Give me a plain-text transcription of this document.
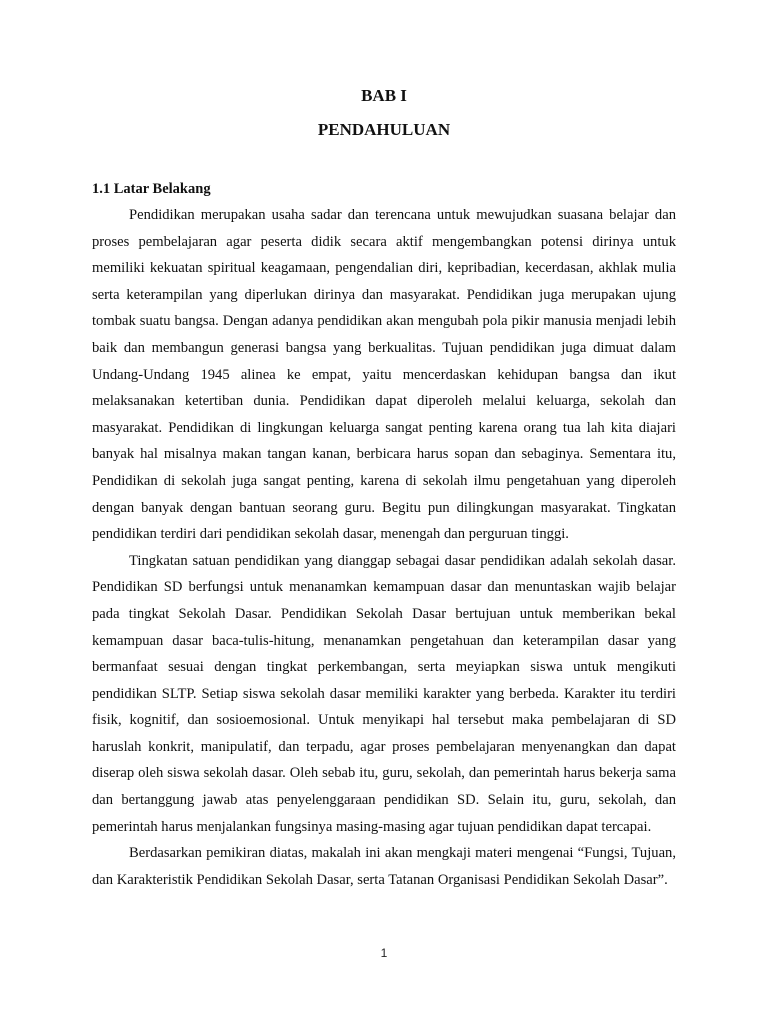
BAB I
PENDAHULUAN
1.1 Latar Belakang

Pendidikan merupakan usaha sadar dan terencana untuk mewujudkan suasana belajar dan proses pembelajaran agar peserta didik secara aktif mengembangkan potensi dirinya untuk memiliki kekuatan spiritual keagamaan, pengendalian diri, kepribadian, kecerdasan, akhlak mulia serta keterampilan yang diperlukan dirinya dan masyarakat. Pendidikan juga merupakan ujung tombak suatu bangsa. Dengan adanya pendidikan akan mengubah pola pikir manusia menjadi lebih baik dan membangun generasi bangsa yang berkualitas. Tujuan pendidikan juga dimuat dalam Undang-Undang 1945 alinea ke empat, yaitu mencerdaskan kehidupan bangsa dan ikut melaksanakan ketertiban dunia. Pendidikan dapat diperoleh melalui keluarga, sekolah dan masyarakat. Pendidikan di lingkungan keluarga sangat penting karena orang tua lah kita diajari banyak hal misalnya makan tangan kanan, berbicara harus sopan dan sebaginya. Sementara itu, Pendidikan di sekolah juga sangat penting, karena di sekolah ilmu pengetahuan yang diperoleh dengan banyak dengan bantuan seorang guru. Begitu pun dilingkungan masyarakat. Tingkatan pendidikan terdiri dari pendidikan sekolah dasar, menengah dan perguruan tinggi.

Tingkatan satuan pendidikan yang dianggap sebagai dasar pendidikan adalah sekolah dasar. Pendidikan SD berfungsi untuk menanamkan kemampuan dasar dan menuntaskan wajib belajar pada tingkat Sekolah Dasar. Pendidikan Sekolah Dasar bertujuan untuk memberikan bekal kemampuan dasar baca-tulis-hitung, menanamkan pengetahuan dan keterampilan dasar yang bermanfaat sesuai dengan tingkat perkembangan, serta meyiapkan siswa untuk mengikuti pendidikan SLTP. Setiap siswa sekolah dasar memiliki karakter yang berbeda. Karakter itu terdiri fisik, kognitif, dan sosioemosional. Untuk menyikapi hal tersebut maka pembelajaran di SD haruslah konkrit, manipulatif, dan terpadu, agar proses pembelajaran menyenangkan dan dapat diserap oleh siswa sekolah dasar. Oleh sebab itu, guru, sekolah, dan pemerintah harus bekerja sama dan bertanggung jawab atas penyelenggaraan pendidikan SD. Selain itu, guru, sekolah, dan pemerintah harus menjalankan fungsinya masing-masing agar tujuan pendidikan dapat tercapai.

Berdasarkan pemikiran diatas, makalah ini akan mengkaji materi mengenai “Fungsi, Tujuan, dan Karakteristik Pendidikan Sekolah Dasar, serta Tatanan Organisasi Pendidikan Sekolah Dasar”.

1
